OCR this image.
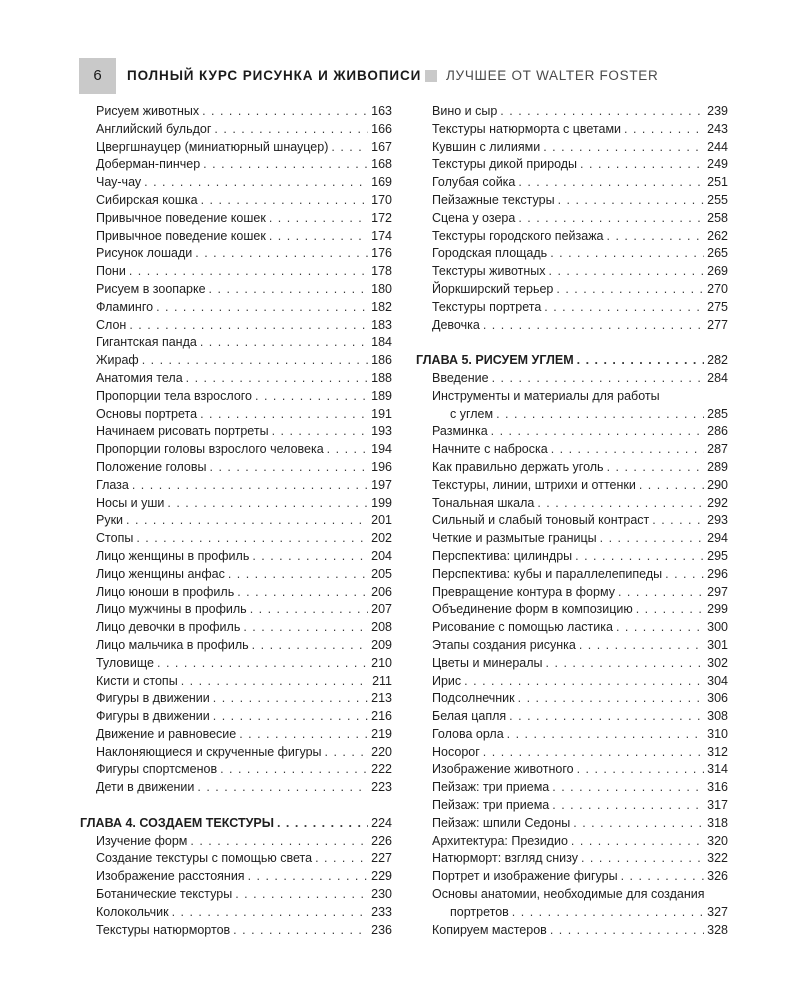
6	ПОЛНЫЙ КУРС РИСУНКА И ЖИВОПИСИ ЛУЧШЕЕ ОТ WALTER FOSTER
Рисуем животных . . .	163
Английский бульдог . . .	166
Цвергшнауцер (миниатюрный шнауцер) . . .	167
Доберман-пинчер . . .	168
Чау-чау . . .	169
Сибирская кошка . . .	170
Привычное поведение кошек . . .	172
Привычное поведение кошек . . .	174
Рисунок лошади . . .	176
Пони . . .	178
Рисуем в зоопарке . . .	180
Фламинго . . .	182
Слон . . .	183
Гигантская панда . . .	184
Жираф . . .	186
Анатомия тела . . .	188
Пропорции тела взрослого . . .	189
Основы портрета . . .	191
Начинаем рисовать портреты . . .	193
Пропорции головы взрослого человека . . .	194
Положение головы . . .	196
Глаза . . .	197
Носы и уши . . .	199
Руки . . .	201
Стопы . . .	202
Лицо женщины в профиль . . .	204
Лицо женщины анфас . . .	205
Лицо юноши в профиль . . .	206
Лицо мужчины в профиль . . .	207
Лицо девочки в профиль . . .	208
Лицо мальчика в профиль . . .	209
Туловище . . .	210
Кисти и стопы . . .	211
Фигуры в движении . . .	213
Фигуры в движении . . .	216
Движение и равновесие . . .	219
Наклоняющиеся и скрученные фигуры . . .	220
Фигуры спортсменов . . .	222
Дети в движении . . .	223
ГЛАВА 4. СОЗДАЕМ ТЕКСТУРЫ . . .	224
Изучение форм . . .	226
Создание текстуры с помощью света . . .	227
Изображение расстояния . . .	229
Ботанические текстуры . . .	230
Колокольчик . . .	233
Текстуры натюрмортов . . .	236
Вино и сыр . . .	239
Текстуры натюрморта с цветами . . .	243
Кувшин с лилиями . . .	244
Текстуры дикой природы . . .	249
Голубая сойка . . .	251
Пейзажные текстуры . . .	255
Сцена у озера . . .	258
Текстуры городского пейзажа . . .	262
Городская площадь . . .	265
Текстуры животных . . .	269
Йоркширский терьер . . .	270
Текстуры портрета . . .	275
Девочка . . .	277
ГЛАВА 5. РИСУЕМ УГЛЕМ . . .	282
Введение . . .	284
Инструменты и материалы для работы
с углем . . .	285
Разминка . . .	286
Начните с наброска . . .	287
Как правильно держать уголь . . .	289
Текстуры, линии, штрихи и оттенки . . .	290
Тональная шкала . . .	292
Сильный и слабый тоновый контраст . . .	293
Четкие и размытые границы . . .	294
Перспектива: цилиндры . . .	295
Перспектива: кубы и параллелепипеды . . .	296
Превращение контура в форму . . .	297
Объединение форм в композицию . . .	299
Рисование с помощью ластика . . .	300
Этапы создания рисунка . . .	301
Цветы и минералы . . .	302
Ирис . . .	304
Подсолнечник . . .	306
Белая цапля . . .	308
Голова орла . . .	310
Носорог . . .	312
Изображение животного . . .	314
Пейзаж: три приема . . .	316
Пейзаж: три приема . . .	317
Пейзаж: шпили Седоны . . .	318
Архитектура: Президио . . .	320
Натюрморт: взгляд снизу . . .	322
Портрет и изображение фигуры . . .	326
Основы анатомии, необходимые для создания
портретов . . .	327
Копируем мастеров . . .	328
